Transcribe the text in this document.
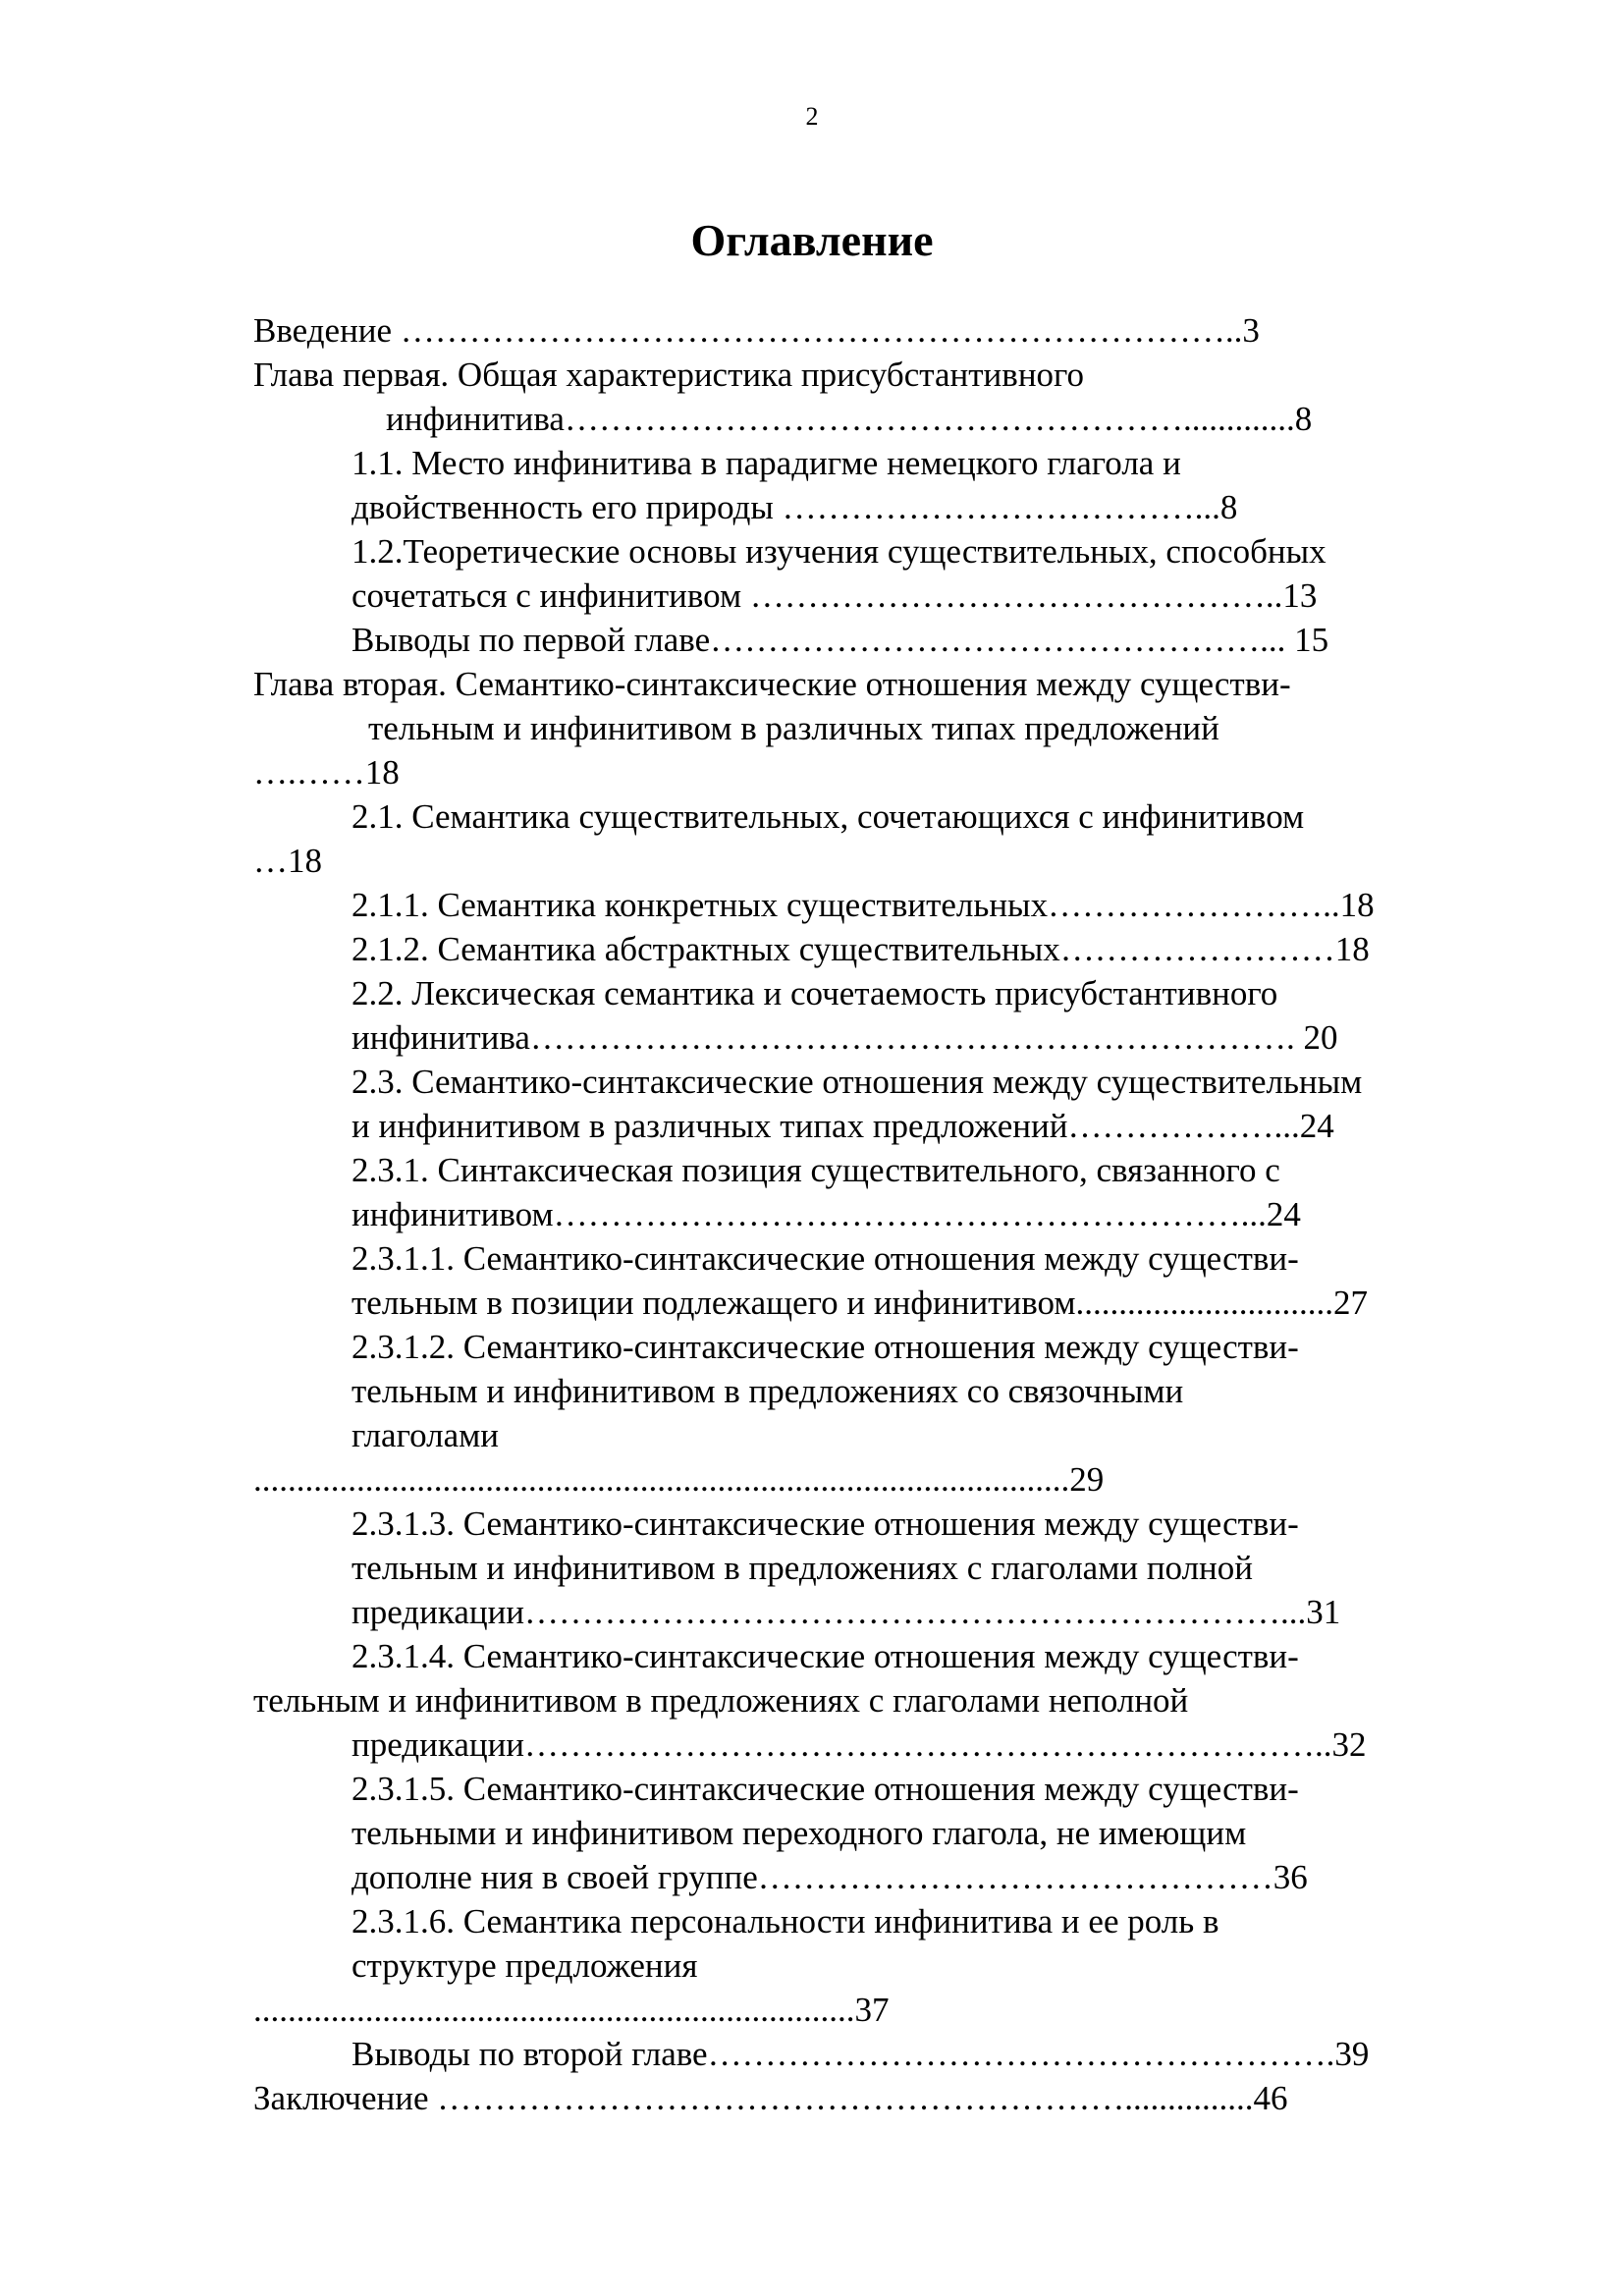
2
Оглавление
Введение ………………………………………………………………..3
Глава первая. Общая характеристика присубстантивного
инфинитива……………………………………………….............8
1.1. Место инфинитива в парадигме немецкого глагола и
двойственность его природы ………………………………...8
1.2.Теоретические основы изучения существительных, способных
сочетаться с инфинитивом ………………………………………..13
Выводы по первой главе…………………………………………... 15
Глава вторая. Семантико-синтаксические отношения между существи-
тельным и инфинитивом в различных типах предложений
….……18
2.1. Семантика существительных, сочетающихся с инфинитивом
…18
2.1.1. Семантика конкретных существительных……………………..18
2.1.2. Семантика абстрактных существительных……………………18
2.2. Лексическая семантика и сочетаемость присубстантивного
инфинитива…………………………………………………………. 20
2.3. Семантико-синтаксические отношения между существительным
и инфинитивом в различных типах предложений………………...24
2.3.1. Синтаксическая позиция существительного, связанного с
инфинитивом……………………………………………………...24
2.3.1.1. Семантико-синтаксические отношения между существи-
тельным в позиции подлежащего и инфинитивом..............................27
2.3.1.2. Семантико-синтаксические отношения между существи-
тельным и инфинитивом в предложениях со связочными
глаголами
...............................................................................................29
2.3.1.3. Семантико-синтаксические отношения между существи-
тельным и инфинитивом в предложениях с глаголами полной
предикации…………………………………………………………...31
2.3.1.4. Семантико-синтаксические отношения между существи-
тельным и инфинитивом в предложениях с глаголами неполной
предикации……………………………………………………………..32
2.3.1.5. Семантико-синтаксические отношения между существи-
тельными и инфинитивом переходного глагола, не имеющим
дополне ния в своей группе………………………………………36
2.3.1.6. Семантика персональности инфинитива и ее роль в
структуре предложения
......................................................................37
Выводы по второй главе……………………………………………….39
Заключение ……………………………………………………...............46
